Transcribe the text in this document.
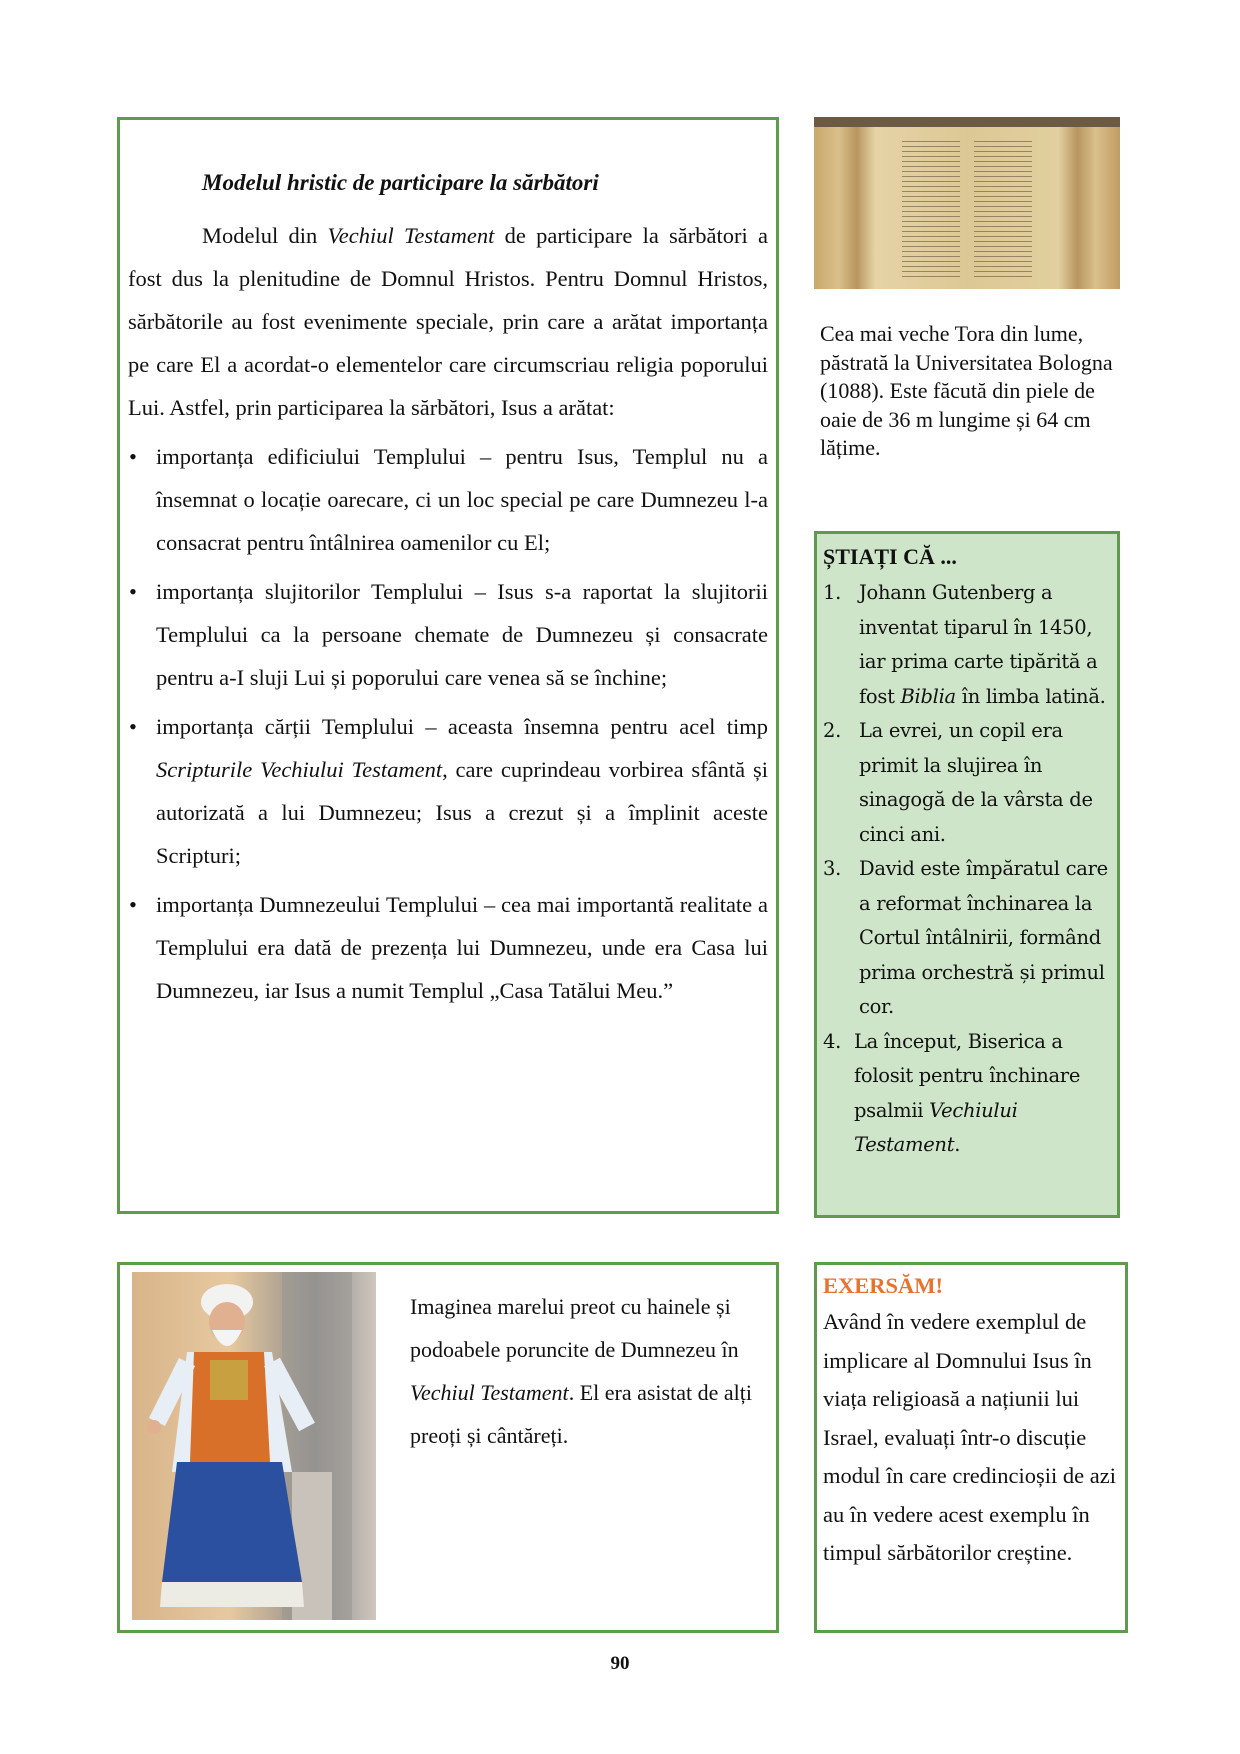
Modelul hristic de participare la sărbători

Modelul din Vechiul Testament de participare la sărbători a fost dus la plenitudine de Domnul Hristos. Pentru Domnul Hristos, sărbătorile au fost evenimente speciale, prin care a arătat importanța pe care El a acordat-o elementelor care circumscriau religia poporului Lui. Astfel, prin participarea la sărbători, Isus a arătat:

• importanța edificiului Templului – pentru Isus, Templul nu a însemnat o locație oarecare, ci un loc special pe care Dumnezeu l-a consacrat pentru întâlnirea oamenilor cu El;
• importanța slujitorilor Templului – Isus s-a raportat la slujitorii Templului ca la persoane chemate de Dumnezeu și consacrate pentru a-I sluji Lui și poporului care venea să se închine;
• importanța cărții Templului – aceasta însemna pentru acel timp Scripturile Vechiului Testament, care cuprindeau vorbirea sfântă și autorizată a lui Dumnezeu; Isus a crezut și a împlinit aceste Scripturi;
• importanța Dumnezeului Templului – cea mai importantă realitate a Templului era dată de prezența lui Dumnezeu, unde era Casa lui Dumnezeu, iar Isus a numit Templul „Casa Tatălui Meu.”
Cea mai veche Tora din lume, păstrată la Universitatea Bologna (1088). Este făcută din piele de oaie de 36 m lungime și 64 cm lățime.
ȘTIAȚI CĂ ...
1. Johann Gutenberg a inventat tiparul în 1450, iar prima carte tipărită a fost Biblia în limba latină.
2. La evrei, un copil era primit la slujirea în sinagogă de la vârsta de cinci ani.
3. David este împăratul care a reformat închinarea la Cortul întâlnirii, formând prima orchestră și primul cor.
4. La început, Biserica a folosit pentru închinare psalmii Vechiului Testament.
Imaginea marelui preot cu hainele și podoabele poruncite de Dumnezeu în Vechiul Testament. El era asistat de alți preoți și cântăreți.
EXERSĂM!

Având în vedere exemplul de implicare al Domnului Isus în viața religioasă a națiunii lui Israel, evaluați într-o discuție modul în care credincioșii de azi au în vedere acest exemplu în timpul sărbătorilor creștine.

90
